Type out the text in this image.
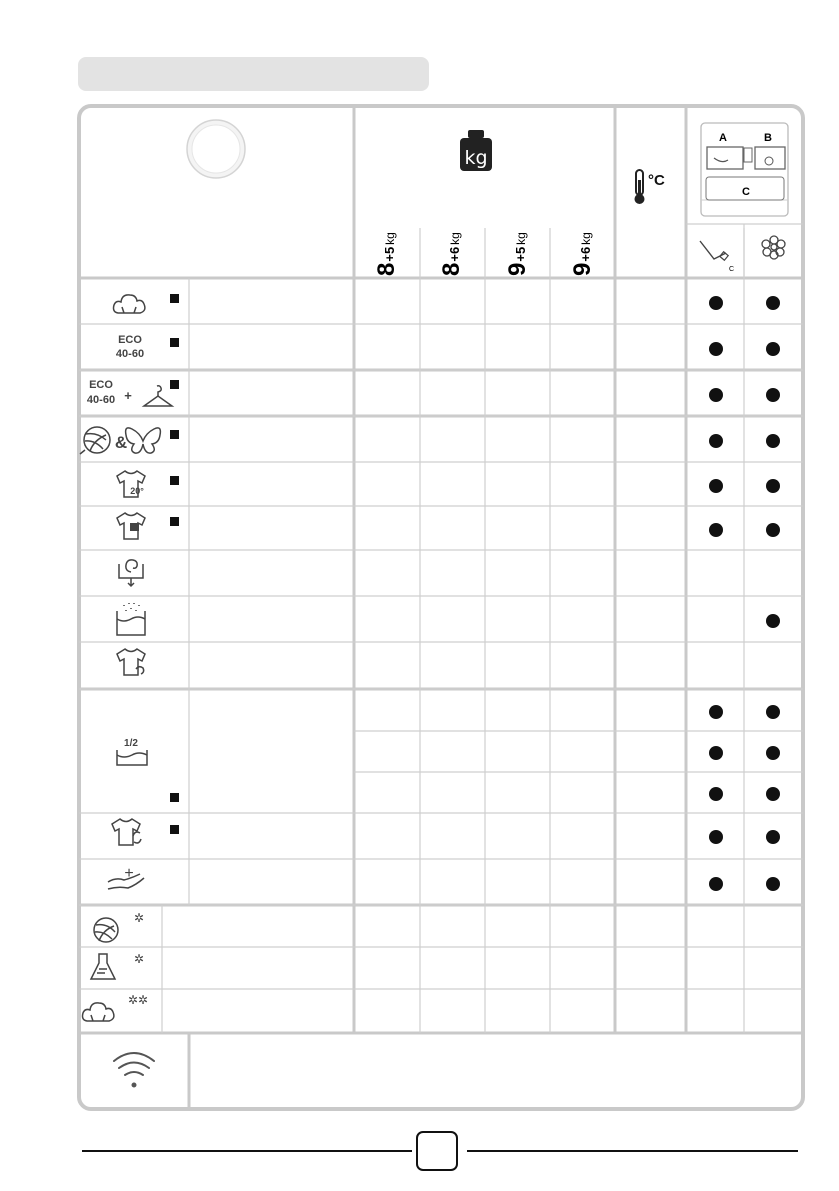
kg
°C
A	B
C
8+5kg
8+6kg
9+5kg
9+6kg
C
ECO
40-60
ECO
40-60 +
&
20°
1/2
+
✲
✲
✲✲
